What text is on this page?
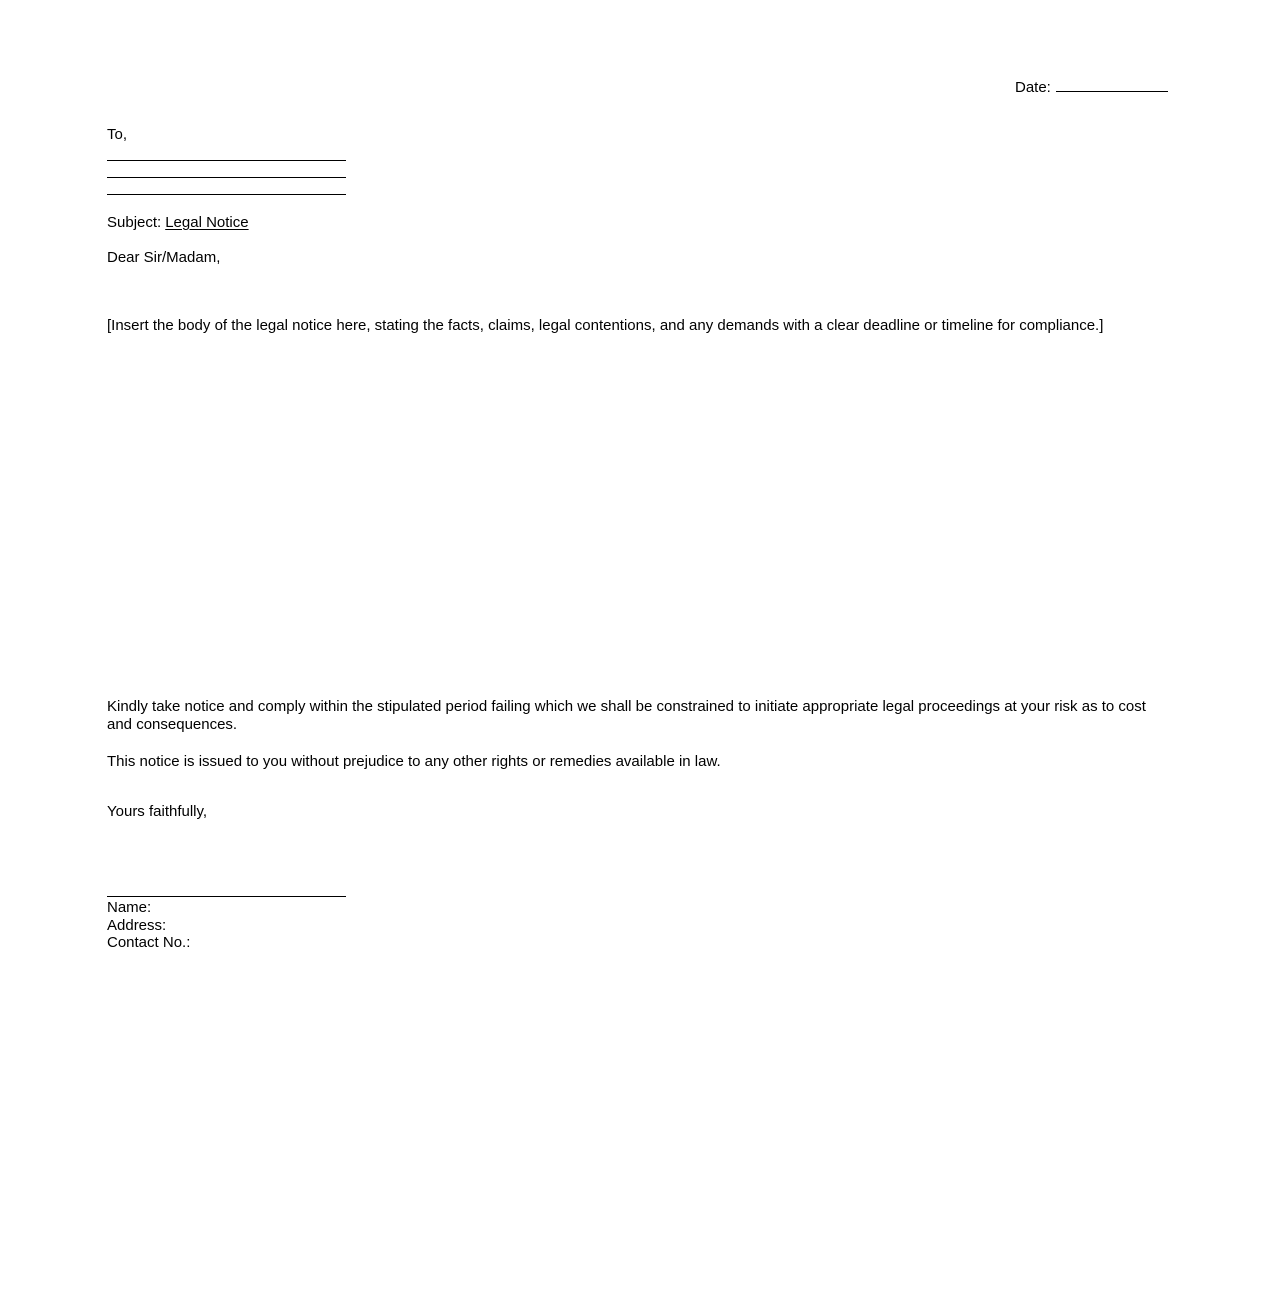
Date:
To,
Subject: Legal Notice
Dear Sir/Madam,
[Insert the body of the legal notice here, stating the facts, claims, legal contentions, and any demands with a clear deadline or timeline for compliance.]
Kindly take notice and comply within the stipulated period failing which we shall be constrained to initiate appropriate legal proceedings at your risk as to cost and consequences.
This notice is issued to you without prejudice to any other rights or remedies available in law.
Yours faithfully,
Name:
Address:
Contact No.:
